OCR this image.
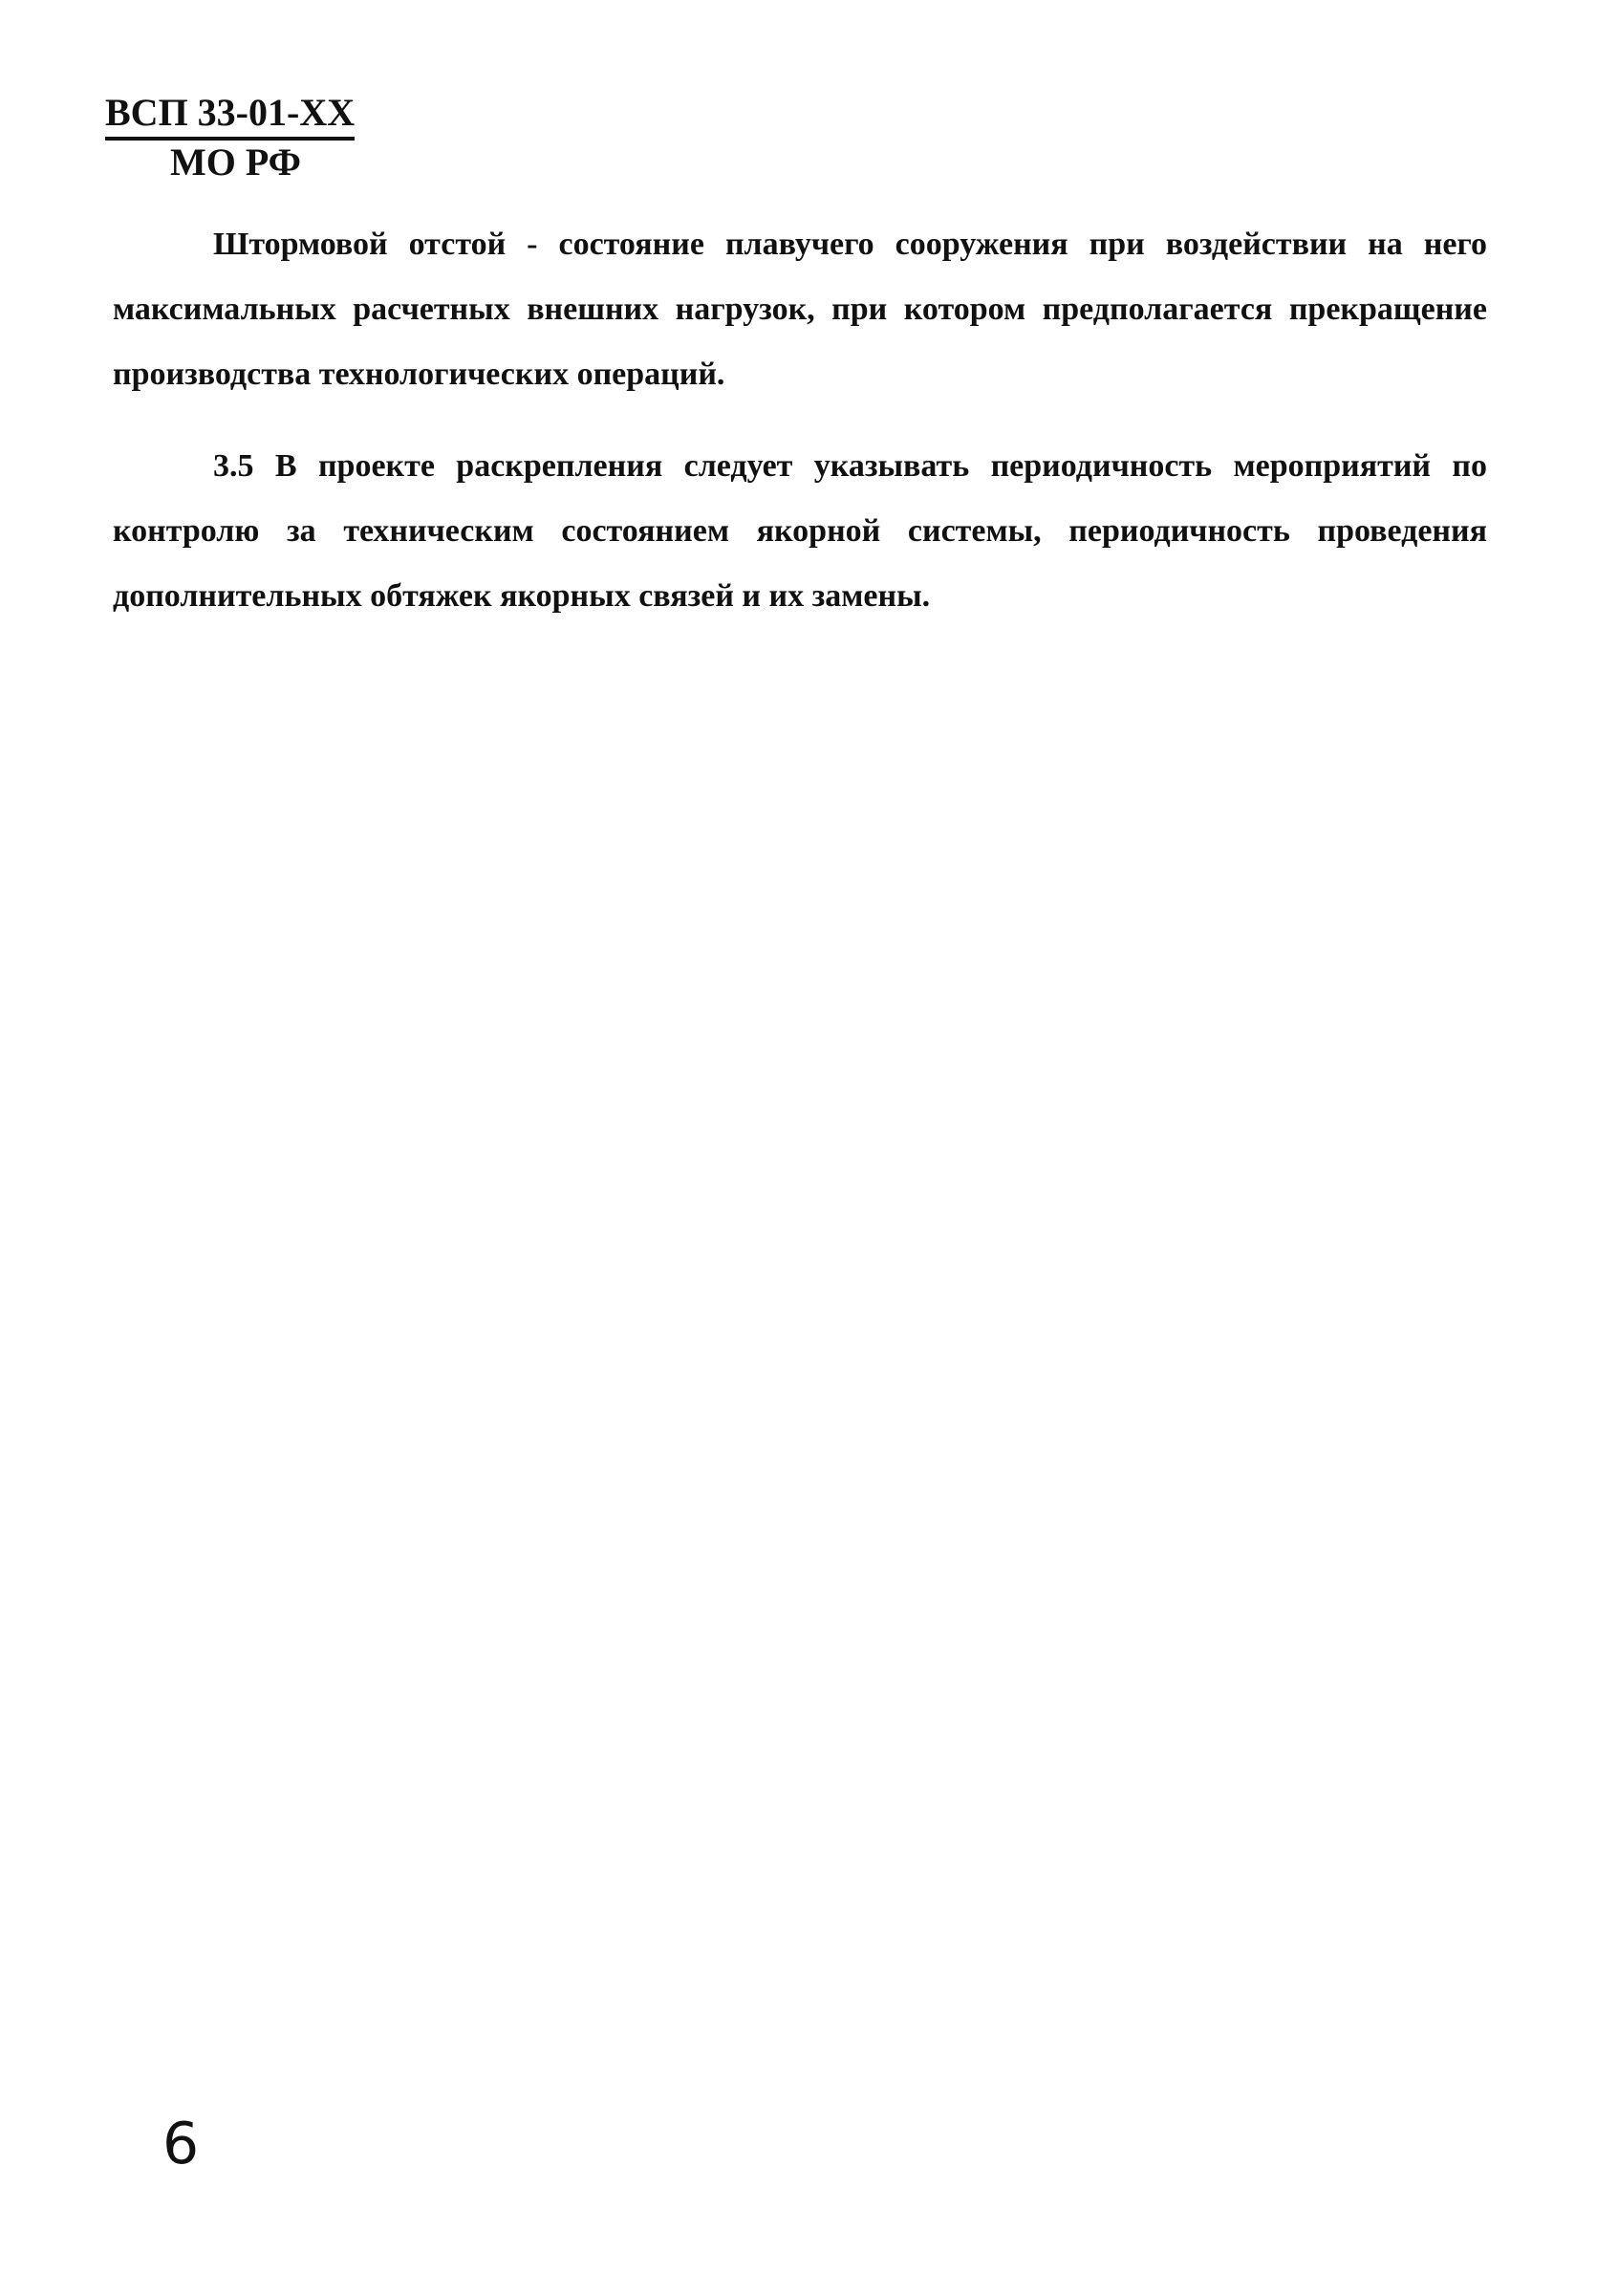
ВСП 33-01-XX
МО РФ

Штормовой отстой - состояние плавучего сооружения при воздействии на него максимальных расчетных внешних нагрузок, при котором предполагается прекращение производства технологических операций.

3.5 В проекте раскрепления следует указывать периодичность мероприятий по контролю за техническим состоянием якорной системы, периодичность проведения дополнительных обтяжек якорных связей и их замены.

6
